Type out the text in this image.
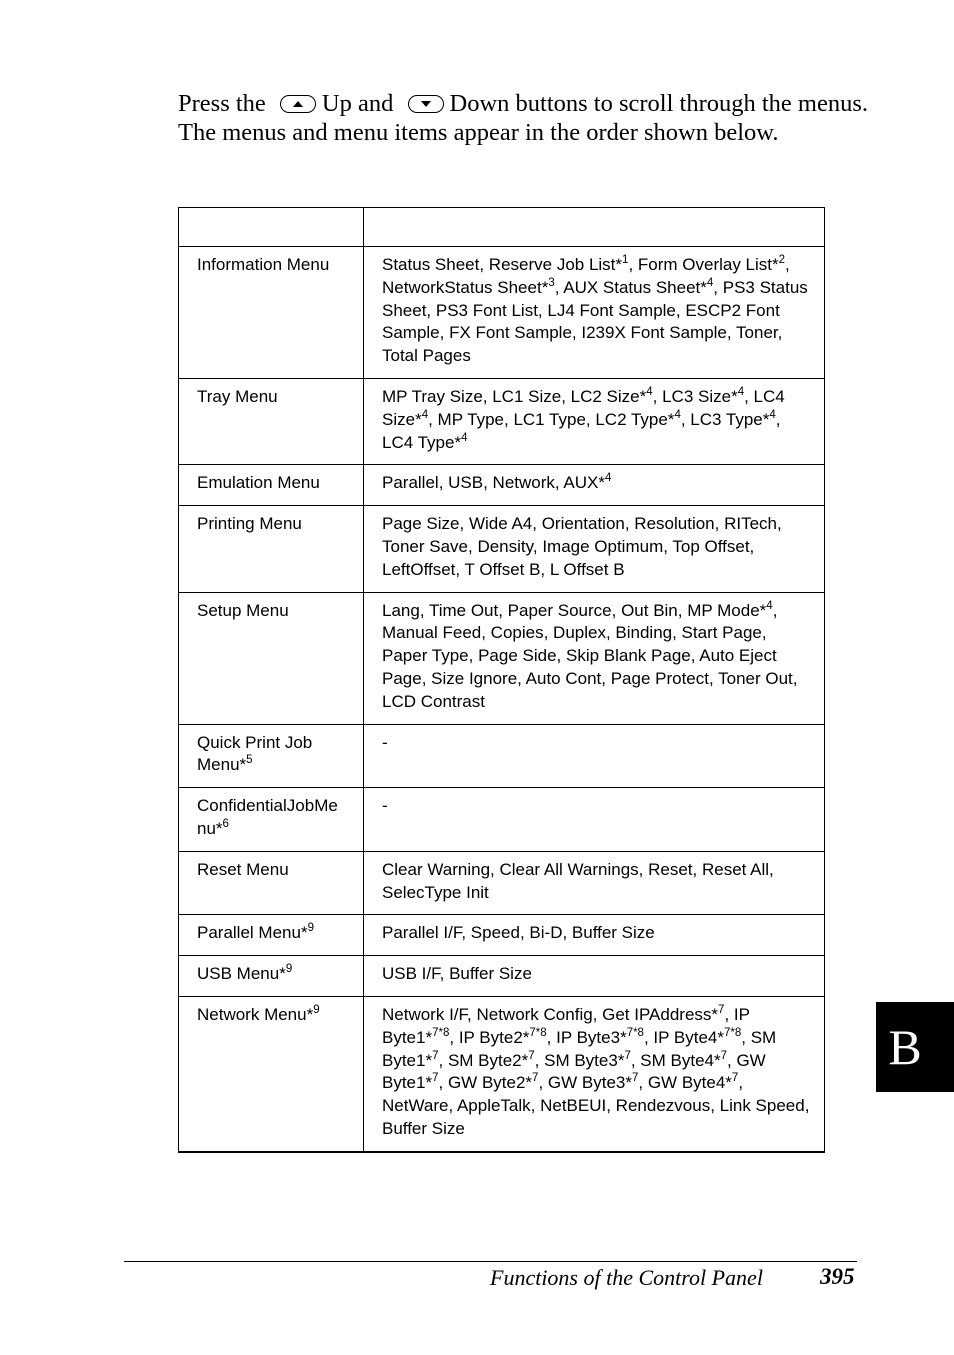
Press the Up and Down buttons to scroll through the menus. The menus and menu items appear in the order shown below.

Information Menu	Status Sheet, Reserve Job List*$^1$, Form Overlay List*$^2$, NetworkStatus Sheet*$^3$, AUX Status Sheet*$^4$, PS3 Status Sheet, PS3 Font List, LJ4 Font Sample, ESCP2 Font Sample, FX Font Sample, I239X Font Sample, Toner, Total Pages
Tray Menu	MP Tray Size, LC1 Size, LC2 Size*$^4$, LC3 Size*$^4$, LC4 Size*$^4$, MP Type, LC1 Type, LC2 Type*$^4$, LC3 Type*$^4$, LC4 Type*$^4$
Emulation Menu	Parallel, USB, Network, AUX*$^4$
Printing Menu	Page Size, Wide A4, Orientation, Resolution, RITech, Toner Save, Density, Image Optimum, Top Offset, LeftOffset, T Offset B, L Offset B
Setup Menu	Lang, Time Out, Paper Source, Out Bin, MP Mode*$^4$, Manual Feed, Copies, Duplex, Binding, Start Page, Paper Type, Page Side, Skip Blank Page, Auto Eject Page, Size Ignore, Auto Cont, Page Protect, Toner Out, LCD Contrast
Quick Print Job Menu*$^5$	-
ConfidentialJobMe nu*$^6$	-
Reset Menu	Clear Warning, Clear All Warnings, Reset, Reset All, SelecType Init
Parallel Menu*$^9$	Parallel I/F, Speed, Bi-D, Buffer Size
USB Menu*$^9$	USB I/F, Buffer Size
Network Menu*$^9$	Network I/F, Network Config, Get IPAddress*$^7$, IP Byte1*$^{7*8}$, IP Byte2*$^{7*8}$, IP Byte3*$^{7*8}$, IP Byte4*$^{7*8}$, SM Byte1*$^7$, SM Byte2*$^7$, SM Byte3*$^7$, SM Byte4*$^7$, GW Byte1*$^7$, GW Byte2*$^7$, GW Byte3*$^7$, GW Byte4*$^7$, NetWare, AppleTalk, NetBEUI, Rendezvous, Link Speed, Buffer Size
Functions of the Control Panel 395
B
